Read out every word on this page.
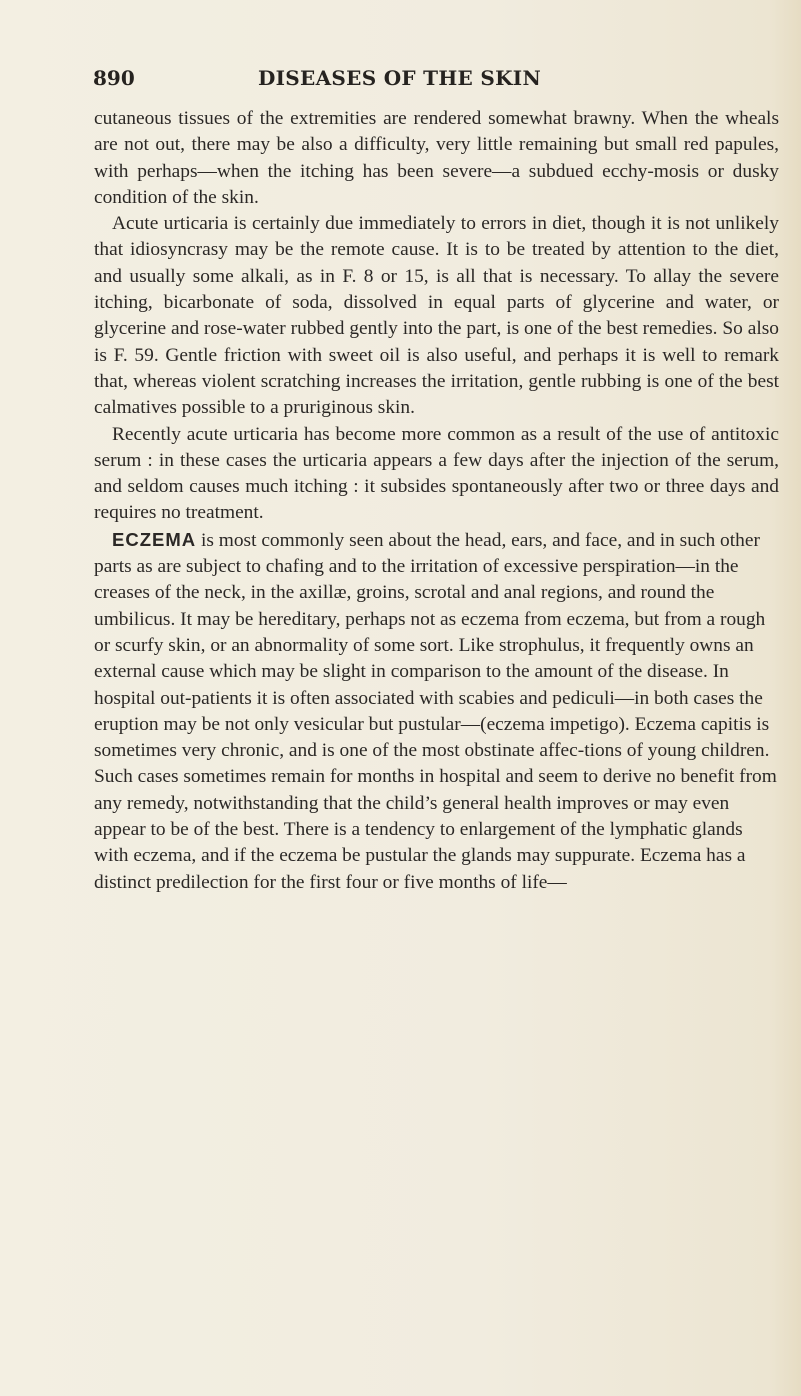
890	DISEASES OF THE SKIN

cutaneous tissues of the extremities are rendered somewhat brawny. When the wheals are not out, there may be also a difficulty, very little remaining but small red papules, with perhaps—when the itching has been severe—a subdued ecchy-mosis or dusky condition of the skin.

Acute urticaria is certainly due immediately to errors in diet, though it is not unlikely that idiosyncrasy may be the remote cause. It is to be treated by attention to the diet, and usually some alkali, as in F. 8 or 15, is all that is necessary. To allay the severe itching, bicarbonate of soda, dissolved in equal parts of glycerine and water, or glycerine and rose-water rubbed gently into the part, is one of the best remedies. So also is F. 59. Gentle friction with sweet oil is also useful, and perhaps it is well to remark that, whereas violent scratching increases the irritation, gentle rubbing is one of the best calmatives possible to a pruriginous skin.

Recently acute urticaria has become more common as a result of the use of antitoxic serum : in these cases the urticaria appears a few days after the injection of the serum, and seldom causes much itching : it subsides spontaneously after two or three days and requires no treatment.

ECZEMA is most commonly seen about the head, ears, and face, and in such other parts as are subject to chafing and to the irritation of excessive perspiration—in the creases of the neck, in the axillæ, groins, scrotal and anal regions, and round the umbilicus. It may be hereditary, perhaps not as eczema from eczema, but from a rough or scurfy skin, or an abnormality of some sort. Like strophulus, it frequently owns an external cause which may be slight in comparison to the amount of the disease. In hospital out-patients it is often associated with scabies and pediculi—in both cases the eruption may be not only vesicular but pustular—(eczema impetigo). Eczema capitis is sometimes very chronic, and is one of the most obstinate affec-tions of young children. Such cases sometimes remain for months in hospital and seem to derive no benefit from any remedy, notwithstanding that the child’s general health improves or may even appear to be of the best. There is a tendency to enlargement of the lymphatic glands with eczema, and if the eczema be pustular the glands may suppurate. Eczema has a distinct predilection for the first four or five months of life—
